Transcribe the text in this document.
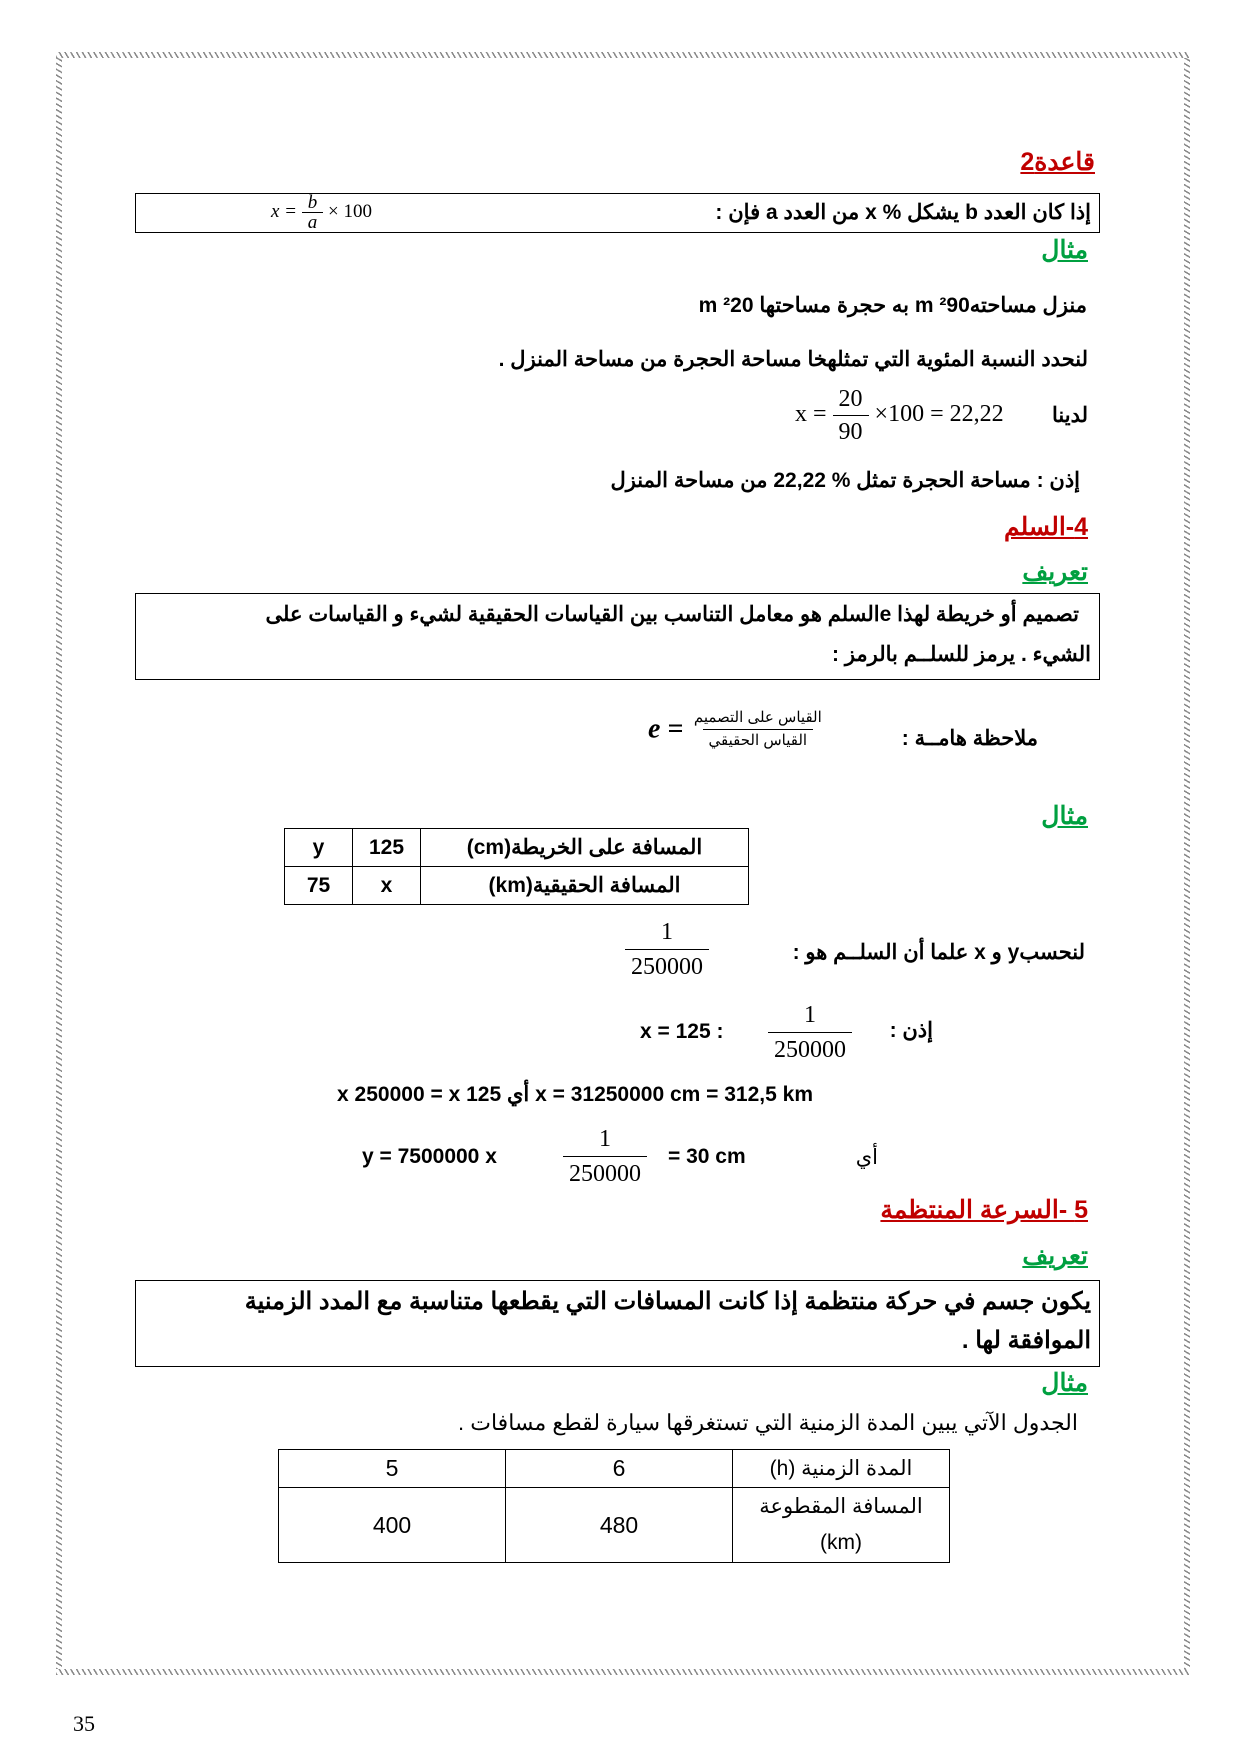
قاعدة2
إذا كان العدد b يشكل % x من العدد a فإن :
$x = \frac{b}{a} \times 100$
مثال
منزل مساحته²90 m به حجرة مساحتها ²20 m
لنحدد النسبة المئوية التي تمثلهخا مساحة الحجرة من مساحة المنزل .
لدينا
$x = \frac{20}{90} \times 100 = 22,22$
إذن : مساحة الحجرة تمثل % 22,22 من مساحة المنزل
4-السلم
تعريف
تصميم أو خريطة لهذا eالسلم هو معامل التناسب بين القياسات الحقيقية لشيء و القياسات على
الشيء . يرمز للسلــم بالرمز :
ملاحظة هامــة :
$e = \frac{\text{القياس على التصميم}}{\text{القياس الحقيقي}}$
مثال
y	125	المسافة على الخريطة(cm)
75	x	المسافة الحقيقية(km)
لنحسبy و x علما أن السلــم هو :
$\frac{1}{250000}$
إذن :
x = 125 : $\frac{1}{250000}$
x = 31250000 cm = 312,5 km أي 125 x 250000 = x
أي
y = 7500000 x	$\frac{1}{250000} = 30$ cm
5 -السرعة المنتظمة
تعريف
يكون جسم في حركة منتظمة إذا كانت المسافات التي يقطعها متناسبة مع المدد الزمنية
الموافقة لها .
مثال
الجدول الآتي يبين المدة الزمنية التي تستغرقها سيارة لقطع مسافات .
5	6	المدة الزمنية (h)
400	480	المسافة المقطوعة
(km)
35
